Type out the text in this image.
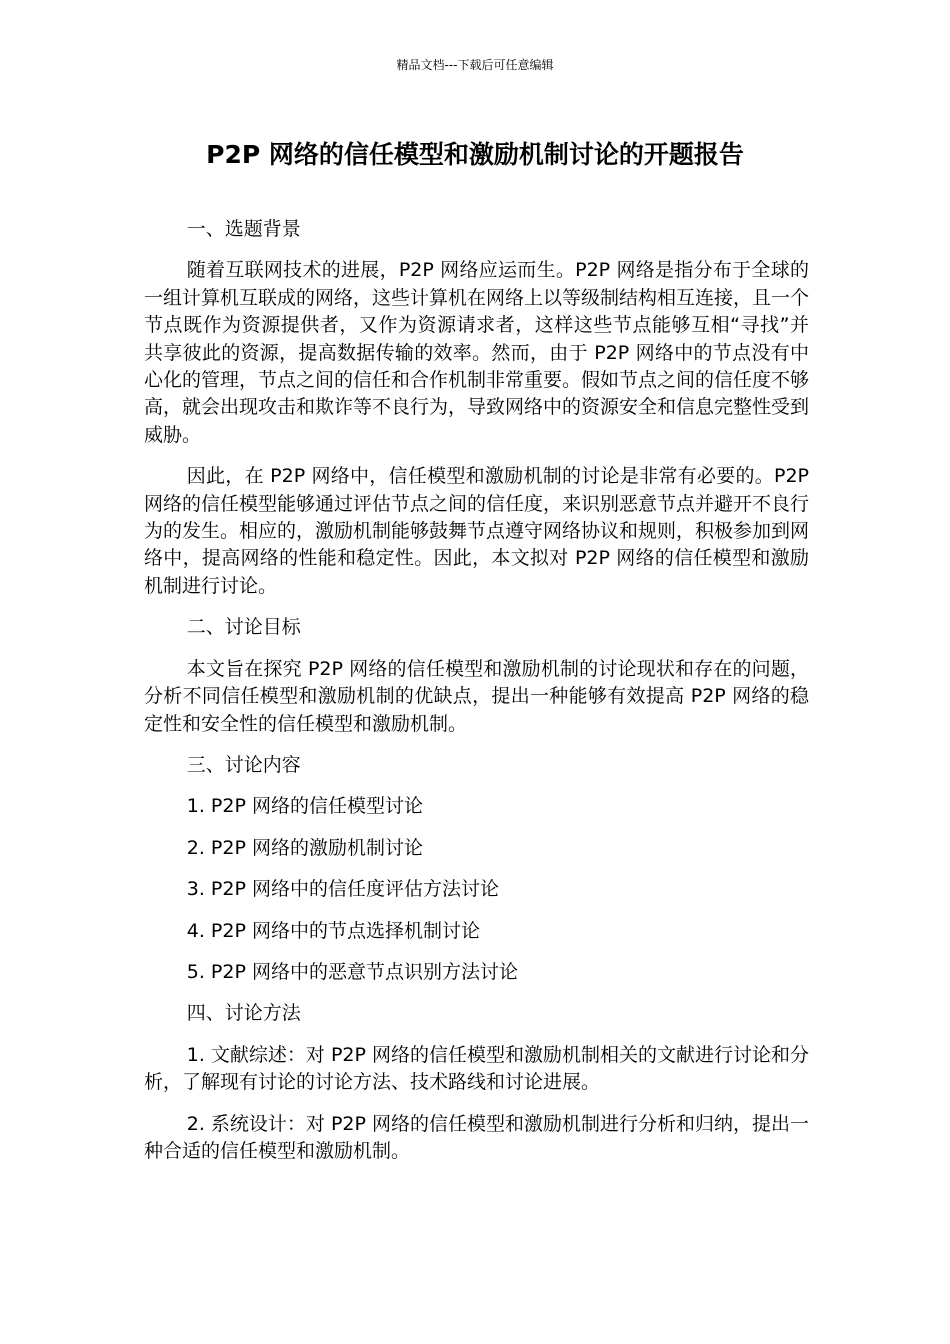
精品文档---下载后可任意编辑
P2P 网络的信任模型和激励机制讨论的开题报告

一、选题背景

随着互联网技术的进展，P2P 网络应运而生。P2P 网络是指分布于全球的一组计算机互联成的网络，这些计算机在网络上以等级制结构相互连接，且一个节点既作为资源提供者，又作为资源请求者，这样这些节点能够互相“寻找”并共享彼此的资源，提高数据传输的效率。然而，由于 P2P 网络中的节点没有中心化的管理，节点之间的信任和合作机制非常重要。假如节点之间的信任度不够高，就会出现攻击和欺诈等不良行为，导致网络中的资源安全和信息完整性受到威胁。

因此，在 P2P 网络中，信任模型和激励机制的讨论是非常有必要的。P2P 网络的信任模型能够通过评估节点之间的信任度，来识别恶意节点并避开不良行为的发生。相应的，激励机制能够鼓舞节点遵守网络协议和规则，积极参加到网络中，提高网络的性能和稳定性。因此，本文拟对 P2P 网络的信任模型和激励机制进行讨论。

二、讨论目标

本文旨在探究 P2P 网络的信任模型和激励机制的讨论现状和存在的问题，分析不同信任模型和激励机制的优缺点，提出一种能够有效提高 P2P 网络的稳定性和安全性的信任模型和激励机制。

三、讨论内容

1. P2P 网络的信任模型讨论

2. P2P 网络的激励机制讨论

3. P2P 网络中的信任度评估方法讨论

4. P2P 网络中的节点选择机制讨论

5. P2P 网络中的恶意节点识别方法讨论

四、讨论方法

1. 文献综述：对 P2P 网络的信任模型和激励机制相关的文献进行讨论和分析，了解现有讨论的讨论方法、技术路线和讨论进展。

2. 系统设计：对 P2P 网络的信任模型和激励机制进行分析和归纳，提出一种合适的信任模型和激励机制。
